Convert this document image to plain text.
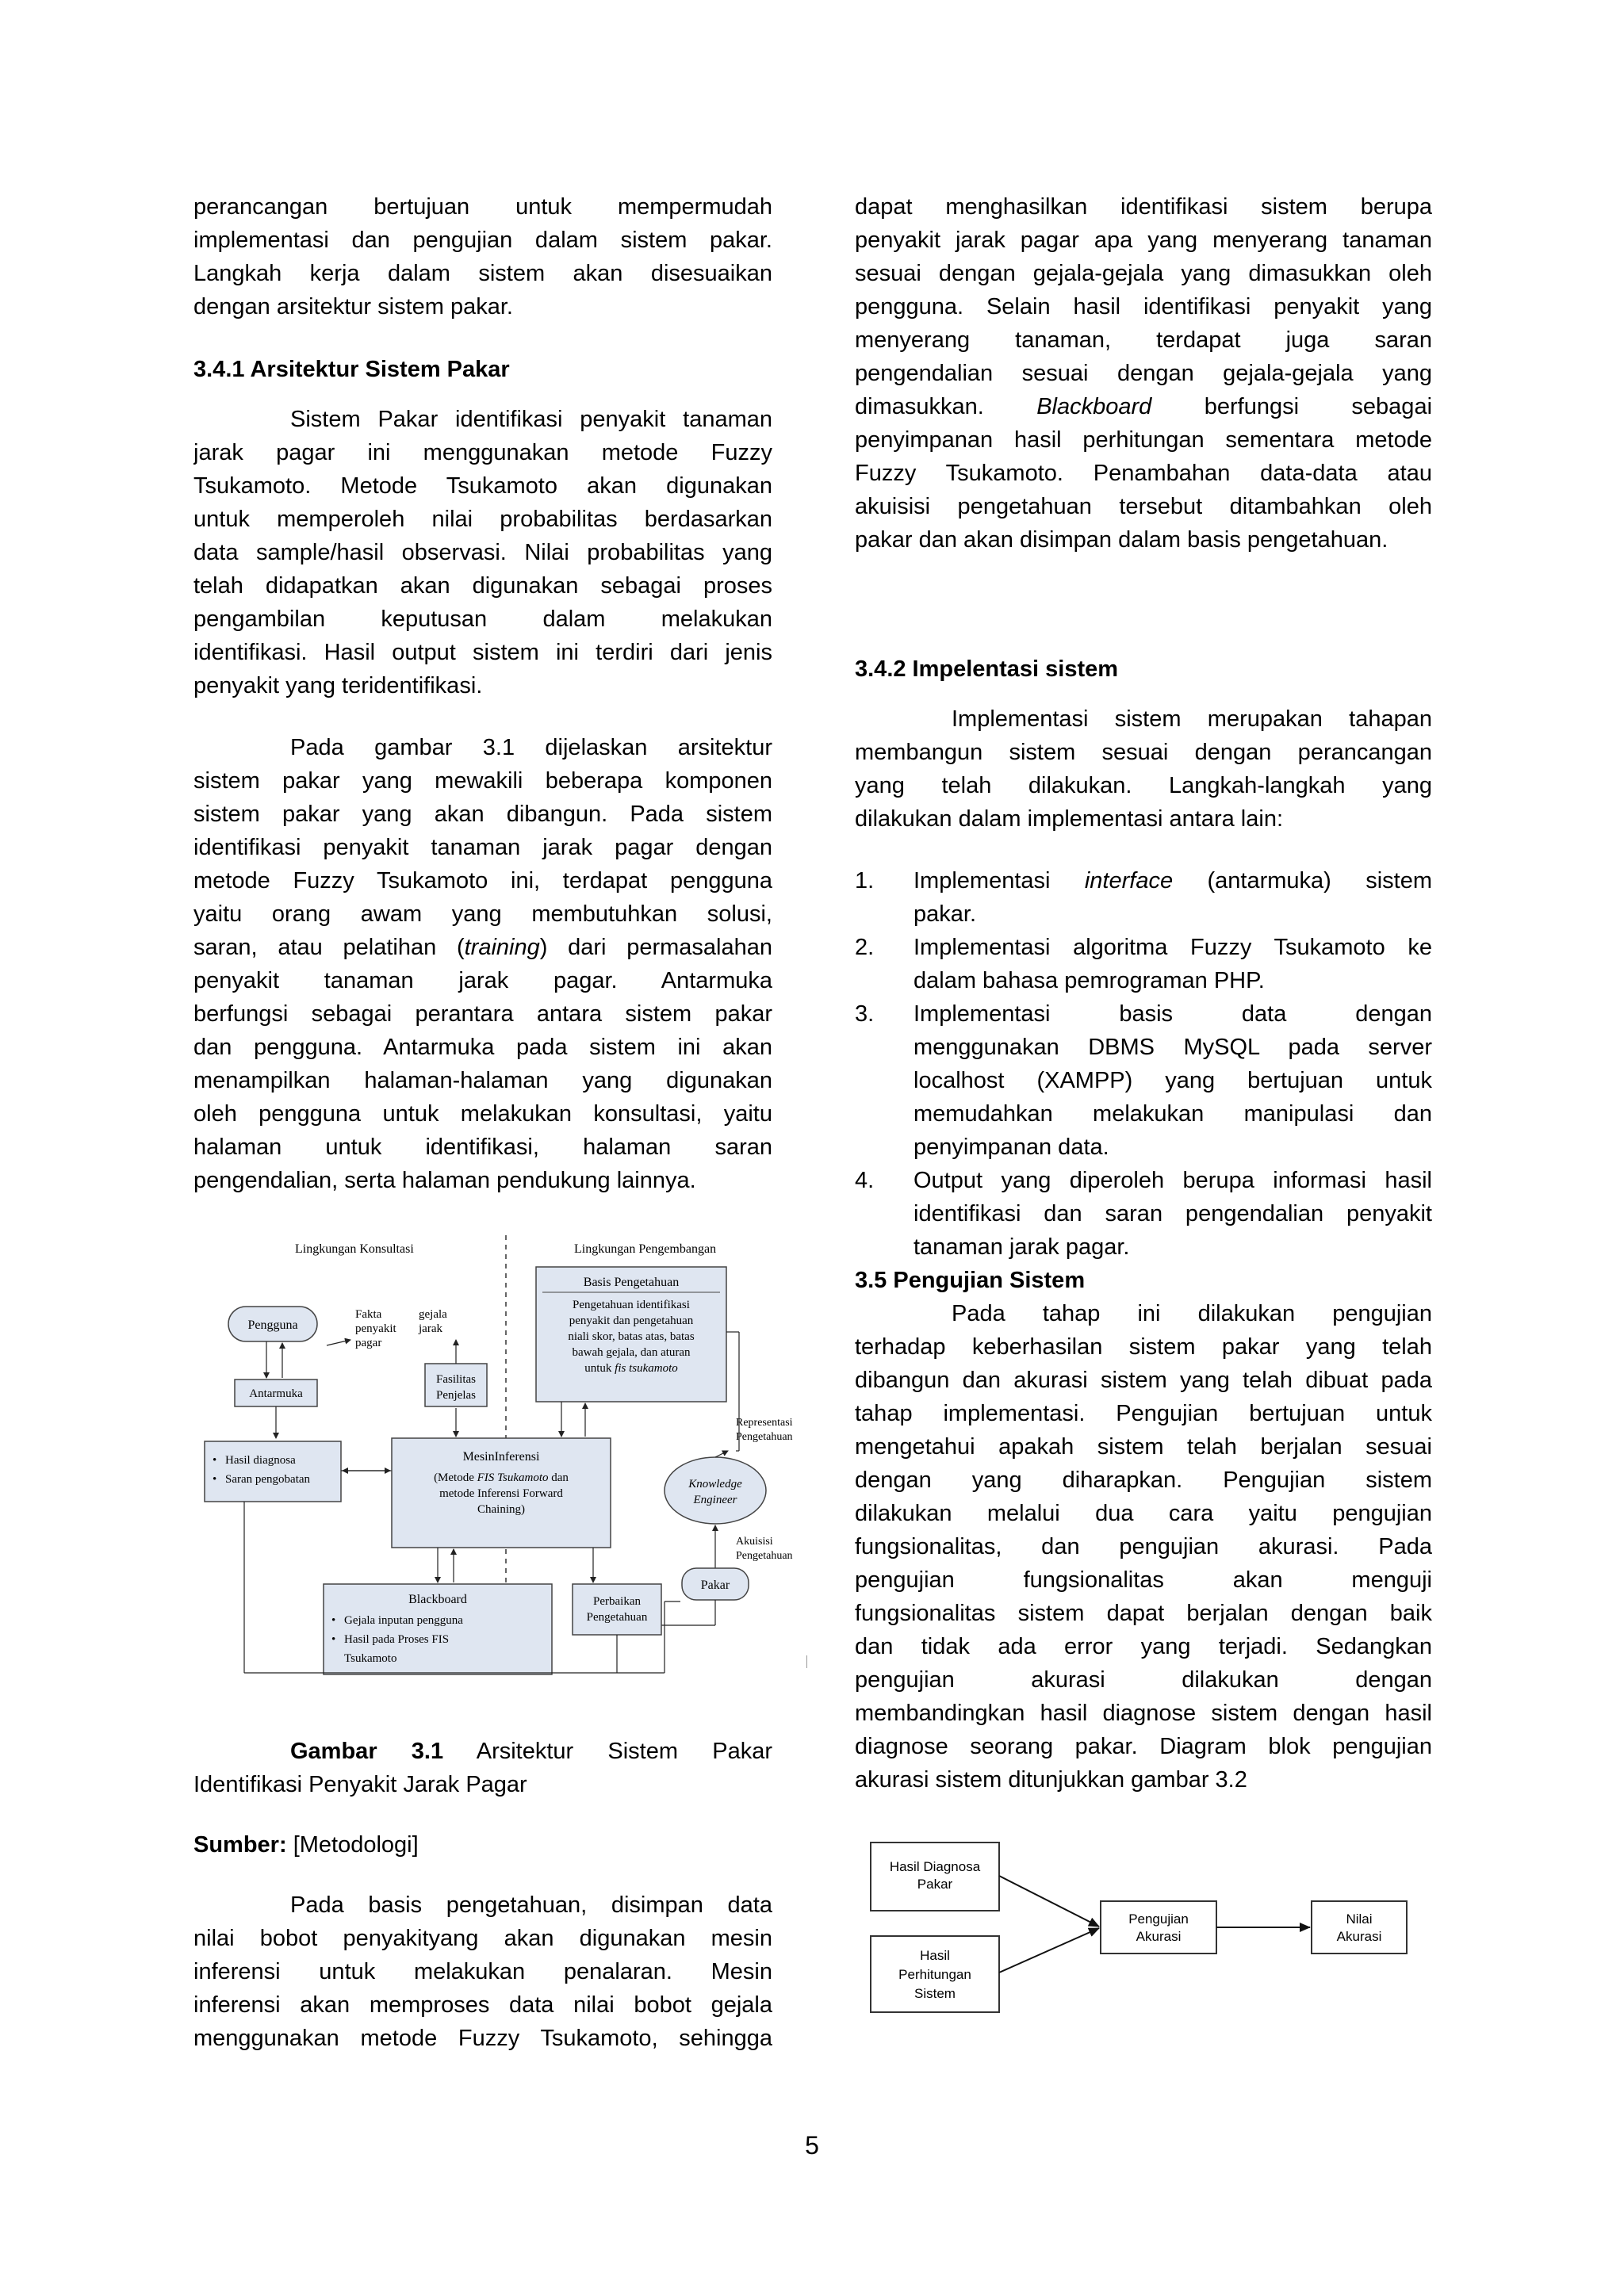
perancangan bertujuan untuk mempermudah
implementasi dan pengujian dalam sistem pakar.
Langkah kerja dalam sistem akan disesuaikan
dengan arsitektur sistem pakar.
3.4.1 Arsitektur Sistem Pakar
Sistem Pakar identifikasi penyakit tanaman
jarak pagar ini menggunakan metode Fuzzy
Tsukamoto. Metode Tsukamoto akan digunakan
untuk memperoleh nilai probabilitas berdasarkan
data sample/hasil observasi. Nilai probabilitas yang
telah didapatkan akan digunakan sebagai proses
pengambilan keputusan dalam melakukan
identifikasi. Hasil output sistem ini terdiri dari jenis
penyakit yang teridentifikasi.
Pada gambar 3.1 dijelaskan arsitektur
sistem pakar yang mewakili beberapa komponen
sistem pakar yang akan dibangun. Pada sistem
identifikasi penyakit tanaman jarak pagar dengan
metode Fuzzy Tsukamoto ini, terdapat pengguna
yaitu orang awam yang membutuhkan solusi,
saran, atau pelatihan (training) dari permasalahan
penyakit tanaman jarak pagar. Antarmuka
berfungsi sebagai perantara antara sistem pakar
dan pengguna. Antarmuka pada sistem ini akan
menampilkan halaman-halaman yang digunakan
oleh pengguna untuk melakukan konsultasi, yaitu
halaman untuk identifikasi, halaman saran
pengendalian, serta halaman pendukung lainnya.
Lingkungan Konsultasi	Lingkungan Pengembangan
Basis Pengetahuan
Pengetahuan identifikasi
penyakit dan pengetahuan
niali skor, batas atas, batas
bawah gejala, dan aturan
untuk fis tsukamoto
Pengguna
Fakta
penyakit
pagar
gejala
jarak
Fasilitas
Penjelas
Antarmuka
• Hasil diagnosa
• Saran pengobatan
MesinInferensi
(Metode FIS Tsukamoto dan
metode Inferensi Forward
Chaining)
Representasi
Pengetahuan
Knowledge
Engineer
Akuisisi
Pengetahuan
Pakar
Blackboard
• Gejala inputan pengguna
• Hasil pada Proses FIS
Tsukamoto
Perbaikan
Pengetahuan
Gambar 3.1 Arsitektur Sistem Pakar
Identifikasi Penyakit Jarak Pagar
Sumber: [Metodologi]
Pada basis pengetahuan, disimpan data
nilai bobot penyakityang akan digunakan mesin
inferensi untuk melakukan penalaran. Mesin
inferensi akan memproses data nilai bobot gejala
menggunakan metode Fuzzy Tsukamoto, sehingga
dapat menghasilkan identifikasi sistem berupa
penyakit jarak pagar apa yang menyerang tanaman
sesuai dengan gejala-gejala yang dimasukkan oleh
pengguna. Selain hasil identifikasi penyakit yang
menyerang tanaman, terdapat juga saran
pengendalian sesuai dengan gejala-gejala yang
dimasukkan. Blackboard berfungsi sebagai
penyimpanan hasil perhitungan sementara metode
Fuzzy Tsukamoto. Penambahan data-data atau
akuisisi pengetahuan tersebut ditambahkan oleh
pakar dan akan disimpan dalam basis pengetahuan.
3.4.2 Impelentasi sistem
Implementasi sistem merupakan tahapan
membangun sistem sesuai dengan perancangan
yang telah dilakukan. Langkah-langkah yang
dilakukan dalam implementasi antara lain:
1.	Implementasi interface (antarmuka) sistem
pakar.
2.	Implementasi algoritma Fuzzy Tsukamoto ke
dalam bahasa pemrograman PHP.
3.	Implementasi basis data dengan
menggunakan DBMS MySQL pada server
localhost (XAMPP) yang bertujuan untuk
memudahkan melakukan manipulasi dan
penyimpanan data.
4.	Output yang diperoleh berupa informasi hasil
identifikasi dan saran pengendalian penyakit
tanaman jarak pagar.
3.5 Pengujian Sistem
Pada tahap ini dilakukan pengujian
terhadap keberhasilan sistem pakar yang telah
dibangun dan akurasi sistem yang telah dibuat pada
tahap implementasi. Pengujian bertujuan untuk
mengetahui apakah sistem telah berjalan sesuai
dengan yang diharapkan. Pengujian sistem
dilakukan melalui dua cara yaitu pengujian
fungsionalitas, dan pengujian akurasi. Pada
pengujian fungsionalitas akan menguji
fungsionalitas sistem dapat berjalan dengan baik
dan tidak ada error yang terjadi. Sedangkan
pengujian akurasi dilakukan dengan
membandingkan hasil diagnose sistem dengan hasil
diagnose seorang pakar. Diagram blok pengujian
akurasi sistem ditunjukkan gambar 3.2
Hasil Diagnosa
Pakar
Hasil
Perhitungan
Sistem
Pengujian
Akurasi
Nilai
Akurasi
5
